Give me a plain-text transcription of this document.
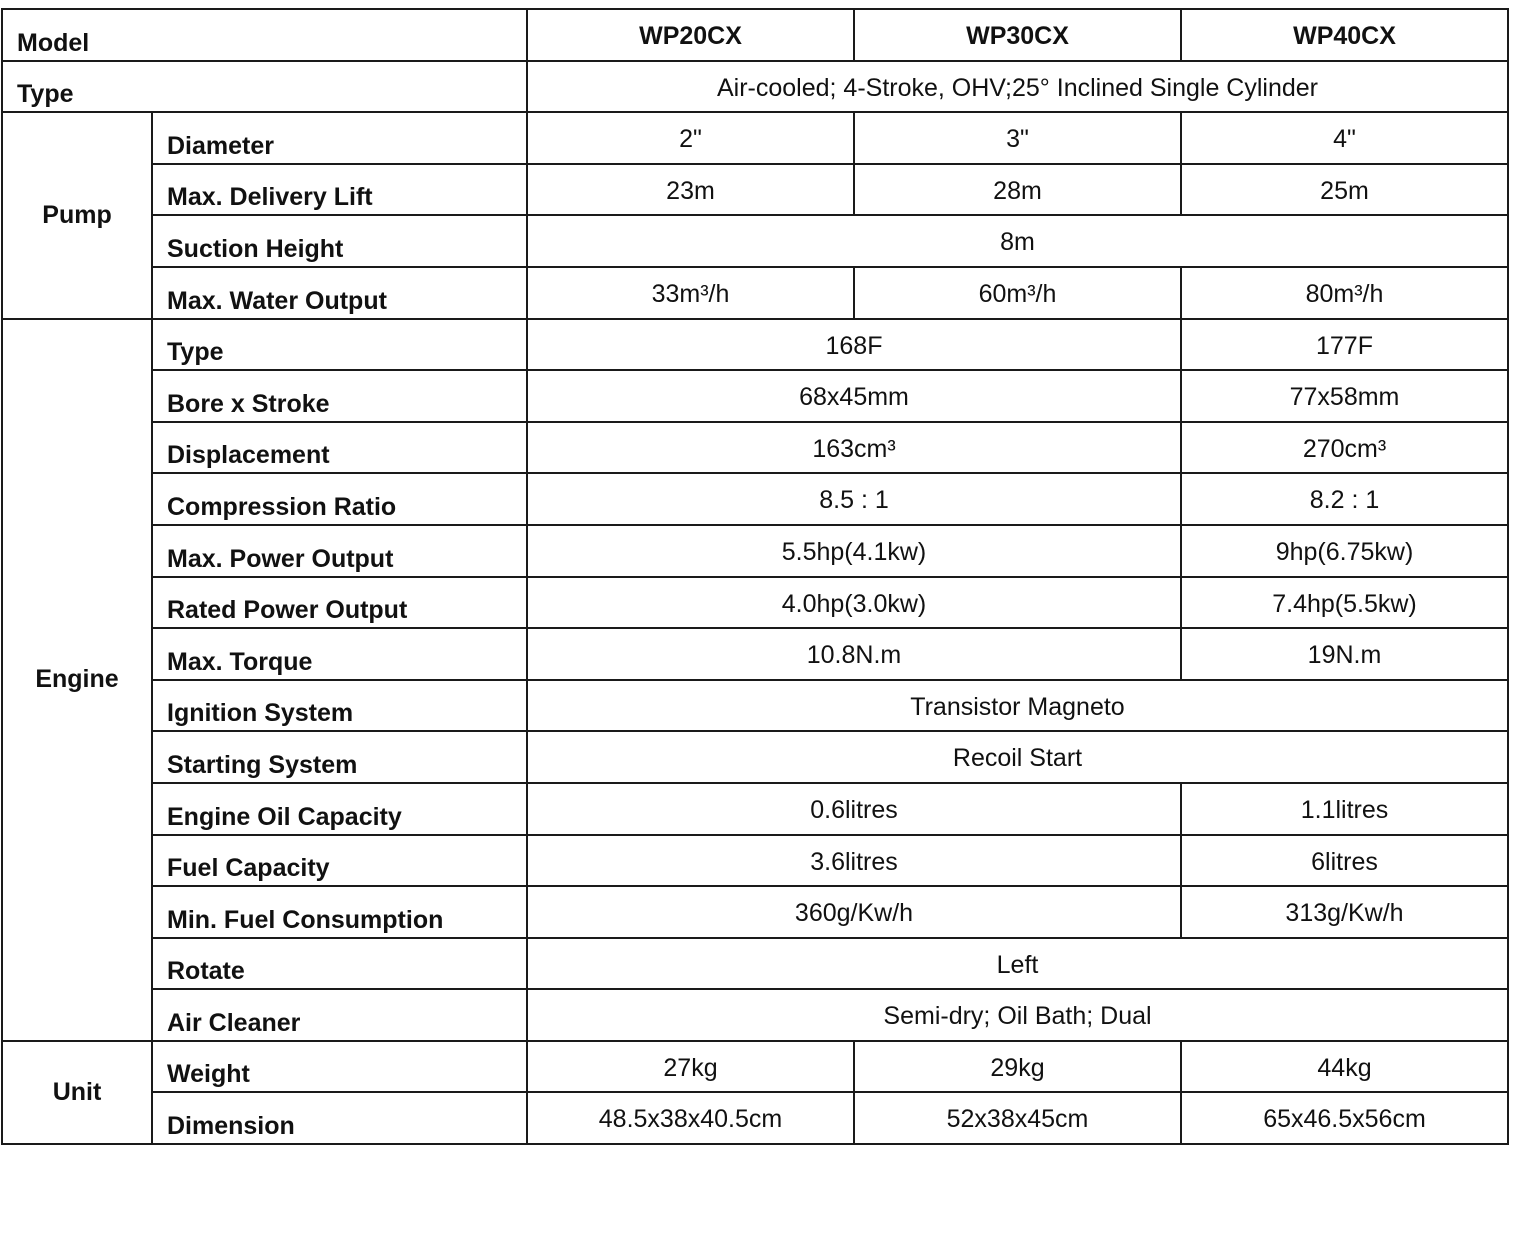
Model		WP20CX	WP30CX	WP40CX
Type		Air-cooled; 4-Stroke, OHV;25° Inclined Single Cylinder		
Pump	Diameter	2"	3"	4"
	Max. Delivery Lift	23m	28m	25m
	Suction Height	8m		
	Max. Water Output	33m³/h	60m³/h	80m³/h
Engine	Type	168F		177F
	Bore x Stroke	68x45mm		77x58mm
	Displacement	163cm³		270cm³
	Compression Ratio	8.5 : 1		8.2 : 1
	Max. Power Output	5.5hp(4.1kw)		9hp(6.75kw)
	Rated Power Output	4.0hp(3.0kw)		7.4hp(5.5kw)
	Max. Torque	10.8N.m		19N.m
	Ignition System	Transistor Magneto		
	Starting System	Recoil Start		
	Engine Oil Capacity	0.6litres		1.1litres
	Fuel Capacity	3.6litres		6litres
	Min. Fuel Consumption	360g/Kw/h		313g/Kw/h
	Rotate	Left		
	Air Cleaner	Semi-dry; Oil Bath; Dual		
Unit	Weight	27kg	29kg	44kg
	Dimension	48.5x38x40.5cm	52x38x45cm	65x46.5x56cm
